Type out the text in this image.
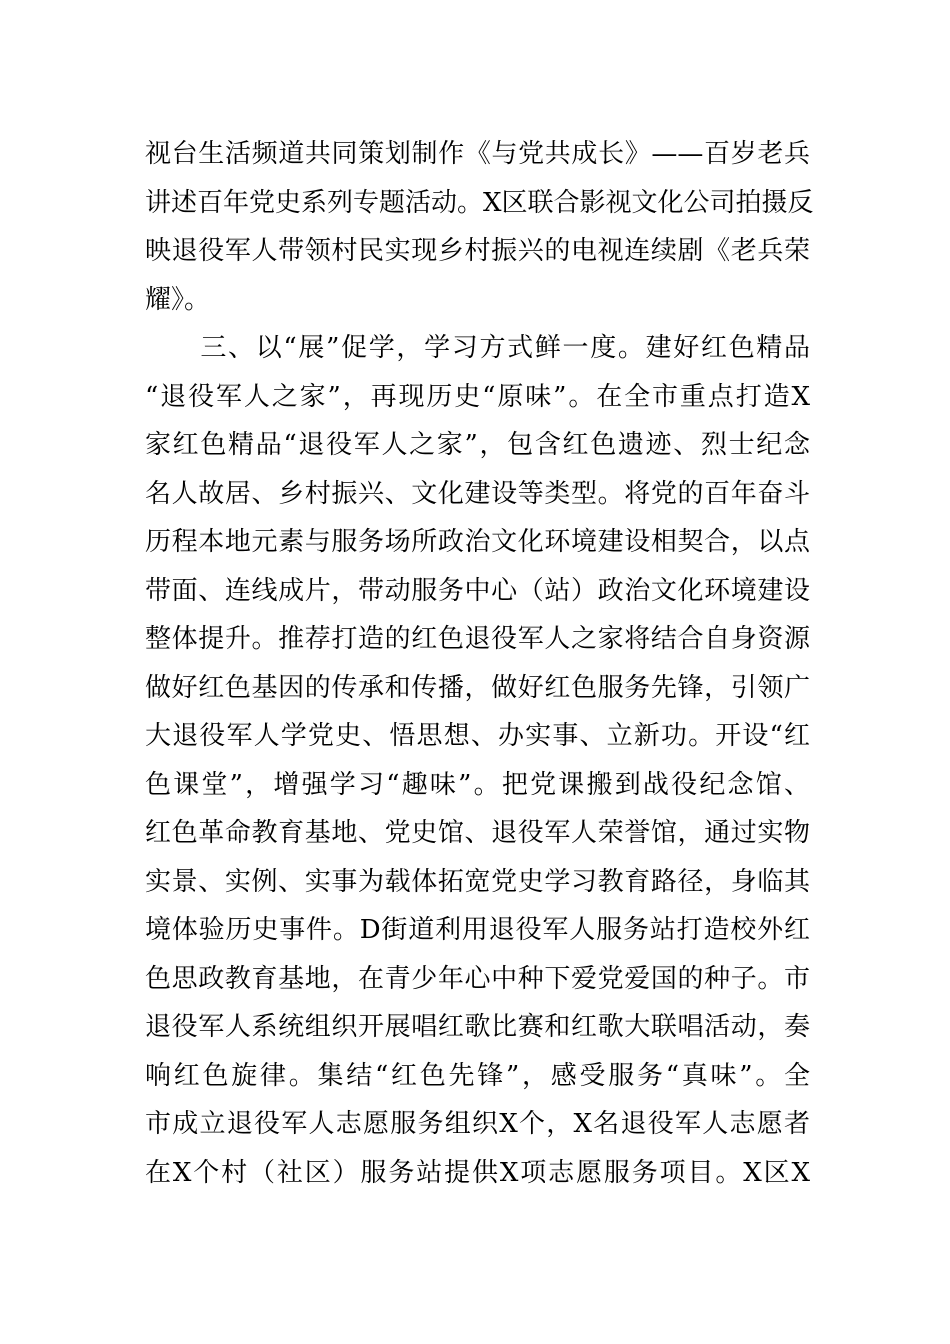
视台生活频道共同策划制作《与党共成长》——百岁老兵
讲述百年党史系列专题活动。X区联合影视文化公司拍摄反
映退役军人带领村民实现乡村振兴的电视连续剧《老兵荣
耀》。
　　三、以“展”促学，学习方式鲜一度。建好红色精品
“退役军人之家”，再现历史“原味”。在全市重点打造X
家红色精品“退役军人之家”，包含红色遗迹、烈士纪念
名人故居、乡村振兴、文化建设等类型。将党的百年奋斗
历程本地元素与服务场所政治文化环境建设相契合，以点
带面、连线成片，带动服务中心（站）政治文化环境建设
整体提升。推荐打造的红色退役军人之家将结合自身资源
做好红色基因的传承和传播，做好红色服务先锋，引领广
大退役军人学党史、悟思想、办实事、立新功。开设“红
色课堂”，增强学习“趣味”。把党课搬到战役纪念馆、
红色革命教育基地、党史馆、退役军人荣誉馆，通过实物
实景、实例、实事为载体拓宽党史学习教育路径，身临其
境体验历史事件。D街道利用退役军人服务站打造校外红
色思政教育基地，在青少年心中种下爱党爱国的种子。市
退役军人系统组织开展唱红歌比赛和红歌大联唱活动，奏
响红色旋律。集结“红色先锋”，感受服务“真味”。全
市成立退役军人志愿服务组织X个，X名退役军人志愿者
在X个村（社区）服务站提供X项志愿服务项目。X区X
